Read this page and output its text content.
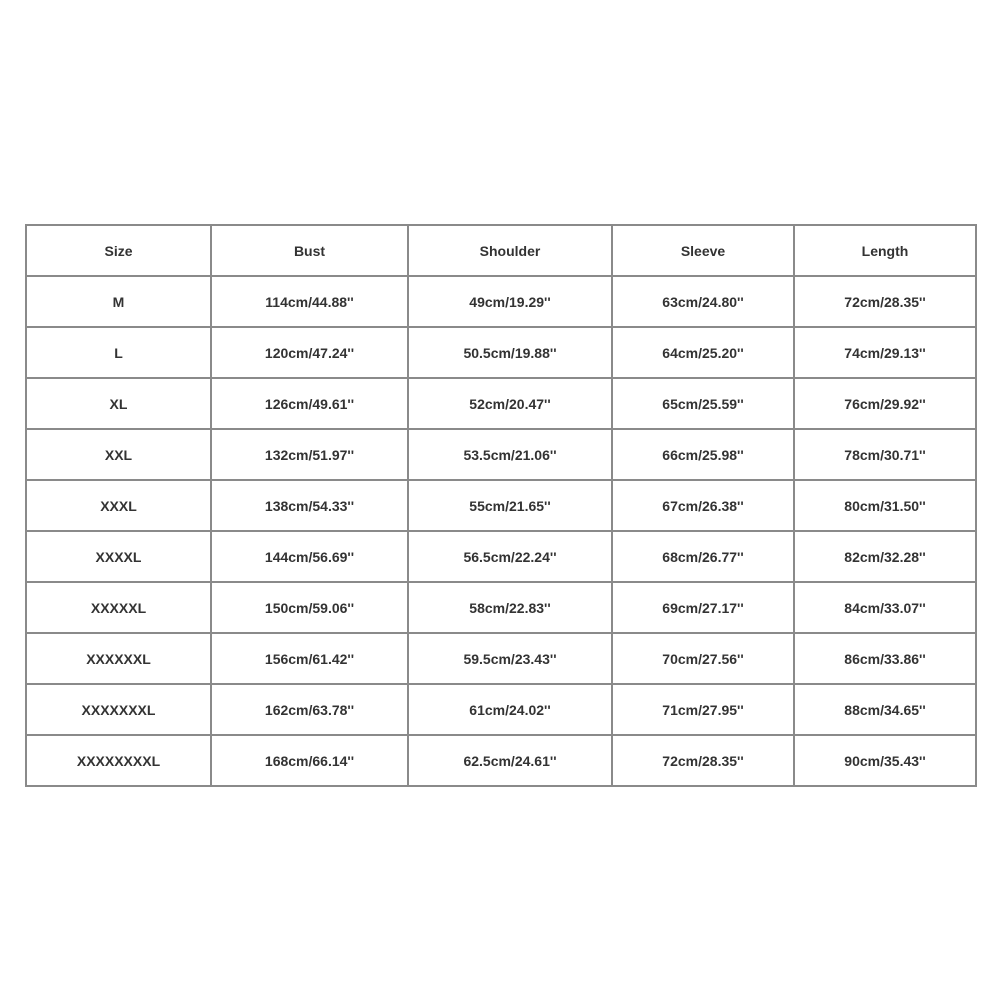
Size	Bust	Shoulder	Sleeve	Length
M	114cm/44.88''	49cm/19.29''	63cm/24.80''	72cm/28.35''
L	120cm/47.24''	50.5cm/19.88''	64cm/25.20''	74cm/29.13''
XL	126cm/49.61''	52cm/20.47''	65cm/25.59''	76cm/29.92''
XXL	132cm/51.97''	53.5cm/21.06''	66cm/25.98''	78cm/30.71''
XXXL	138cm/54.33''	55cm/21.65''	67cm/26.38''	80cm/31.50''
XXXXL	144cm/56.69''	56.5cm/22.24''	68cm/26.77''	82cm/32.28''
XXXXXL	150cm/59.06''	58cm/22.83''	69cm/27.17''	84cm/33.07''
XXXXXXL	156cm/61.42''	59.5cm/23.43''	70cm/27.56''	86cm/33.86''
XXXXXXXL	162cm/63.78''	61cm/24.02''	71cm/27.95''	88cm/34.65''
XXXXXXXXL	168cm/66.14''	62.5cm/24.61''	72cm/28.35''	90cm/35.43''
